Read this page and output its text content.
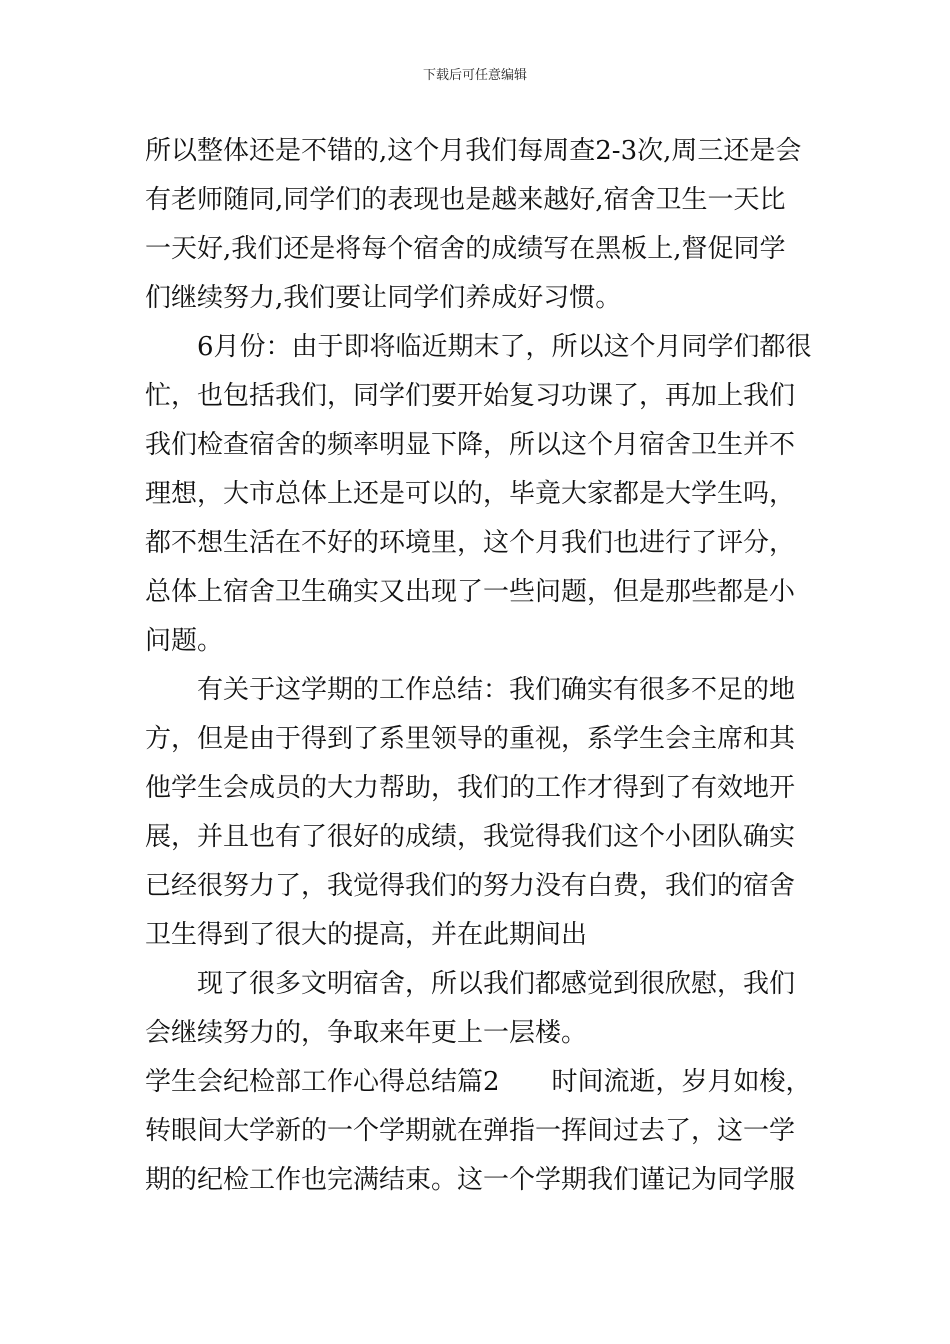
下载后可任意编辑
所以整体还是不错的,这个月我们每周查2-3次,周三还是会
有老师随同,同学们的表现也是越来越好,宿舍卫生一天比
一天好,我们还是将每个宿舍的成绩写在黑板上,督促同学
们继续努力,我们要让同学们养成好习惯。
　　6月份：由于即将临近期末了，所以这个月同学们都很
忙，也包括我们，同学们要开始复习功课了，再加上我们
我们检查宿舍的频率明显下降，所以这个月宿舍卫生并不
理想，大市总体上还是可以的，毕竟大家都是大学生吗，
都不想生活在不好的环境里，这个月我们也进行了评分，
总体上宿舍卫生确实又出现了一些问题，但是那些都是小
问题。
　　有关于这学期的工作总结：我们确实有很多不足的地
方，但是由于得到了系里领导的重视，系学生会主席和其
他学生会成员的大力帮助，我们的工作才得到了有效地开
展，并且也有了很好的成绩，我觉得我们这个小团队确实
已经很努力了，我觉得我们的努力没有白费，我们的宿舍
卫生得到了很大的提高，并在此期间出
　　现了很多文明宿舍，所以我们都感觉到很欣慰，我们
会继续努力的，争取来年更上一层楼。
学生会纪检部工作心得总结篇2　　时间流逝，岁月如梭，
转眼间大学新的一个学期就在弹指一挥间过去了，这一学
期的纪检工作也完满结束。这一个学期我们谨记为同学服
